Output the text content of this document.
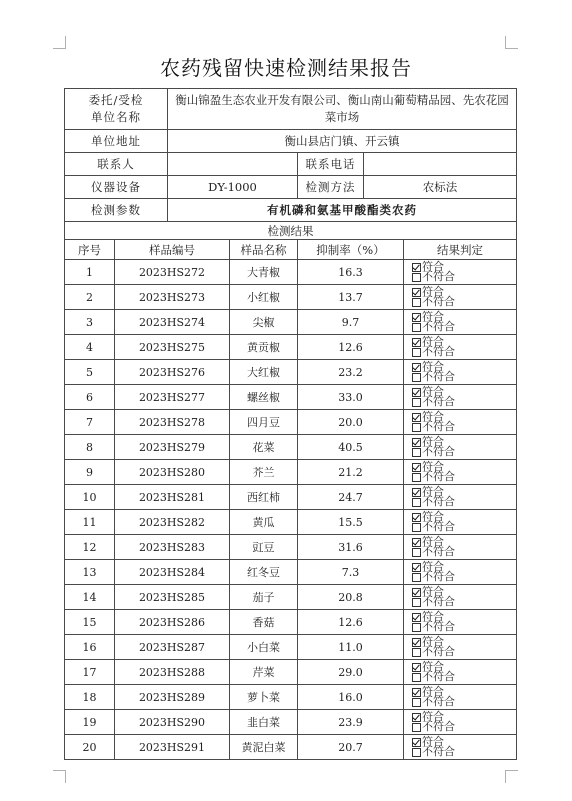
农药残留快速检测结果报告
委托/受检
单位名称		衡山锦盈生态农业开发有限公司、衡山南山葡萄精品园、先农花园菜市场				
单位地址		衡山县店门镇、开云镇				
联系人				联系电话		
仪器设备		DY-1000		检测方法	农标法	
检测参数		有机磷和氨基甲酸酯类农药				
检测结果						
序号	样品编号		样品名称	抑制率（%）		结果判定
1	2023HS272		大青椒	16.3		符合
不符合

2	2023HS273		小红椒	13.7		符合
不符合

3	2023HS274		尖椒	9.7		符合
不符合

4	2023HS275		黄贡椒	12.6		符合
不符合

5	2023HS276		大红椒	23.2		符合
不符合

6	2023HS277		螺丝椒	33.0		符合
不符合

7	2023HS278		四月豆	20.0		符合
不符合

8	2023HS279		花菜	40.5		符合
不符合

9	2023HS280		芥兰	21.2		符合
不符合

10	2023HS281		西红柿	24.7		符合
不符合

11	2023HS282		黄瓜	15.5		符合
不符合

12	2023HS283		豇豆	31.6		符合
不符合

13	2023HS284		红冬豆	7.3		符合
不符合

14	2023HS285		茄子	20.8		符合
不符合

15	2023HS286		香菇	12.6		符合
不符合

16	2023HS287		小白菜	11.0		符合
不符合

17	2023HS288		芹菜	29.0		符合
不符合

18	2023HS289		萝卜菜	16.0		符合
不符合

19	2023HS290		韭白菜	23.9		符合
不符合

20	2023HS291		黄泥白菜	20.7		符合
不符合
